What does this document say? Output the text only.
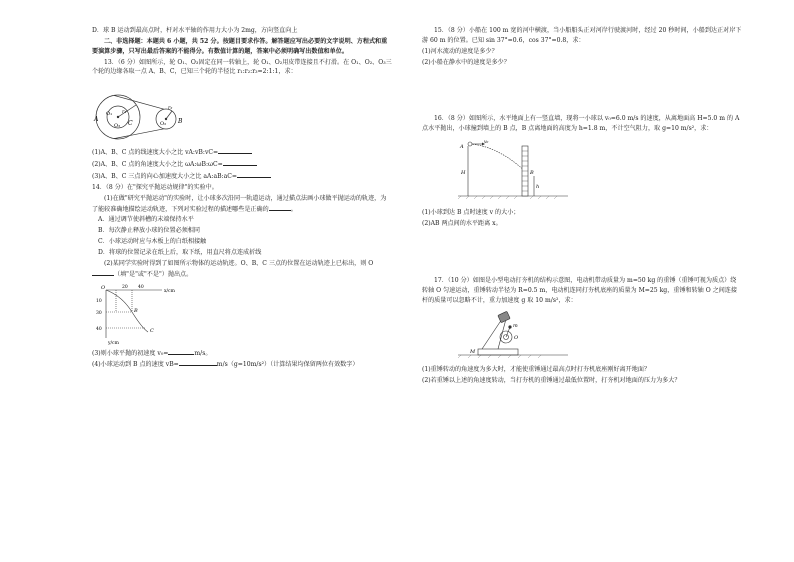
D．球 B 运动到最高点时，杆对水平轴的作用力大小为 2mg，方向竖直向上

二、非选择题：本题共 6 小题，共 52 分。按题目要求作答。解答题应写出必要的文字说明、方程式和重要演算步骤，只写出最后答案的不能得分。有数值计算的题，答案中必须明确写出数值和单位。

13．（6 分）如图所示，轮 O₁、O₃固定在同一转轴上，轮 O₁、O₂用皮带连接且不打滑。在 O₁、O₂、O₃三个轮的边缘各取一点 A、B、C，已知三个轮的半径比 r₁:r₂:r₃=2:1:1，求：

A
O₁ r₁
C
O₃	O₂
r₂
B

(1)A、B、C 点的线速度大小之比 vA:vB:vC=

(2)A、B、C 点的角速度大小之比 ωA:ωB:ωC=

(3)A、B、C 三点的向心加速度大小之比 aA:aB:aC=

14．（8 分）在"探究平抛运动规律"的实验中。

(1)在做"研究平抛运动"的实验时，让小球多次沿同一轨道运动，通过描点法画小球做平抛运动的轨迹，为了能较准确地描绘运动轨迹，下列对实验过程的描述哪些是正确的	。

A．通过调节使斜槽的末端保持水平

B．每次静止释放小球的位置必须相同

C．小球运动时应与木板上的白纸相接触

D．将球的位置记录在纸上后，取下纸，用直尺将点连成折线

(2)某同学实验时得到了如图所示物体的运动轨迹。O、B、C 三点的位置在运动轨迹上已标出，则 O（填"是"或"不是"）抛出点。

O	20 40
x/cm
10
30
40
y/cm
B
C

(3)则小球平抛的初速度 v₀=	m/s。

(4)小球运动到 B 点的速度 vB=	m/s（g=10m/s²）（计算结果均保留两位有效数字）

15．（8 分）小船在 100 m 宽的河中横渡，当小船船头正对河岸行驶渡河时，经过 20 秒时间，小船到达正对岸下游 60 m 的位置。已知 sin 37°=0.6，cos 37°=0.8，求：

(1)河水流动的速度是多少？

(2)小船在静水中的速度是多少？

16．（8 分）如图所示，水平地面上有一竖直墙，现将一小球以 v₀=6.0 m/s 的速度，从离地面高 H=5.0 m 的 A 点水平抛出，小球撞到墙上的 B 点，B 点离地面的高度为 h=1.8 m，不计空气阻力，取 g=10 m/s²，求：

A
v₀
H	B
h

(1)小球到达 B 点时速度 v 的大小；

(2)AB 两点间的水平距离 x。

17．（10 分）如图是小型电动打夯机的结构示意图，电动机带动质量为 m=50 kg 的重锤（重锤可视为质点）绕转轴 O 匀速运动，重锤转动半径为 R=0.5 m，电动机连同打夯机底座的质量为 M=25 kg，重锤和转轴 O 之间连接杆的质量可以忽略不计，重力加速度 g 取 10 m/s²，求：

M
O
m

(1)重锤转动的角速度为多大时，才能使重锤通过最高点时打夯机底座刚好离开地面？

(2)若重锤以上述的角速度转动，当打夯机的重锤通过最低位置时，打夯机对地面的压力为多大？
